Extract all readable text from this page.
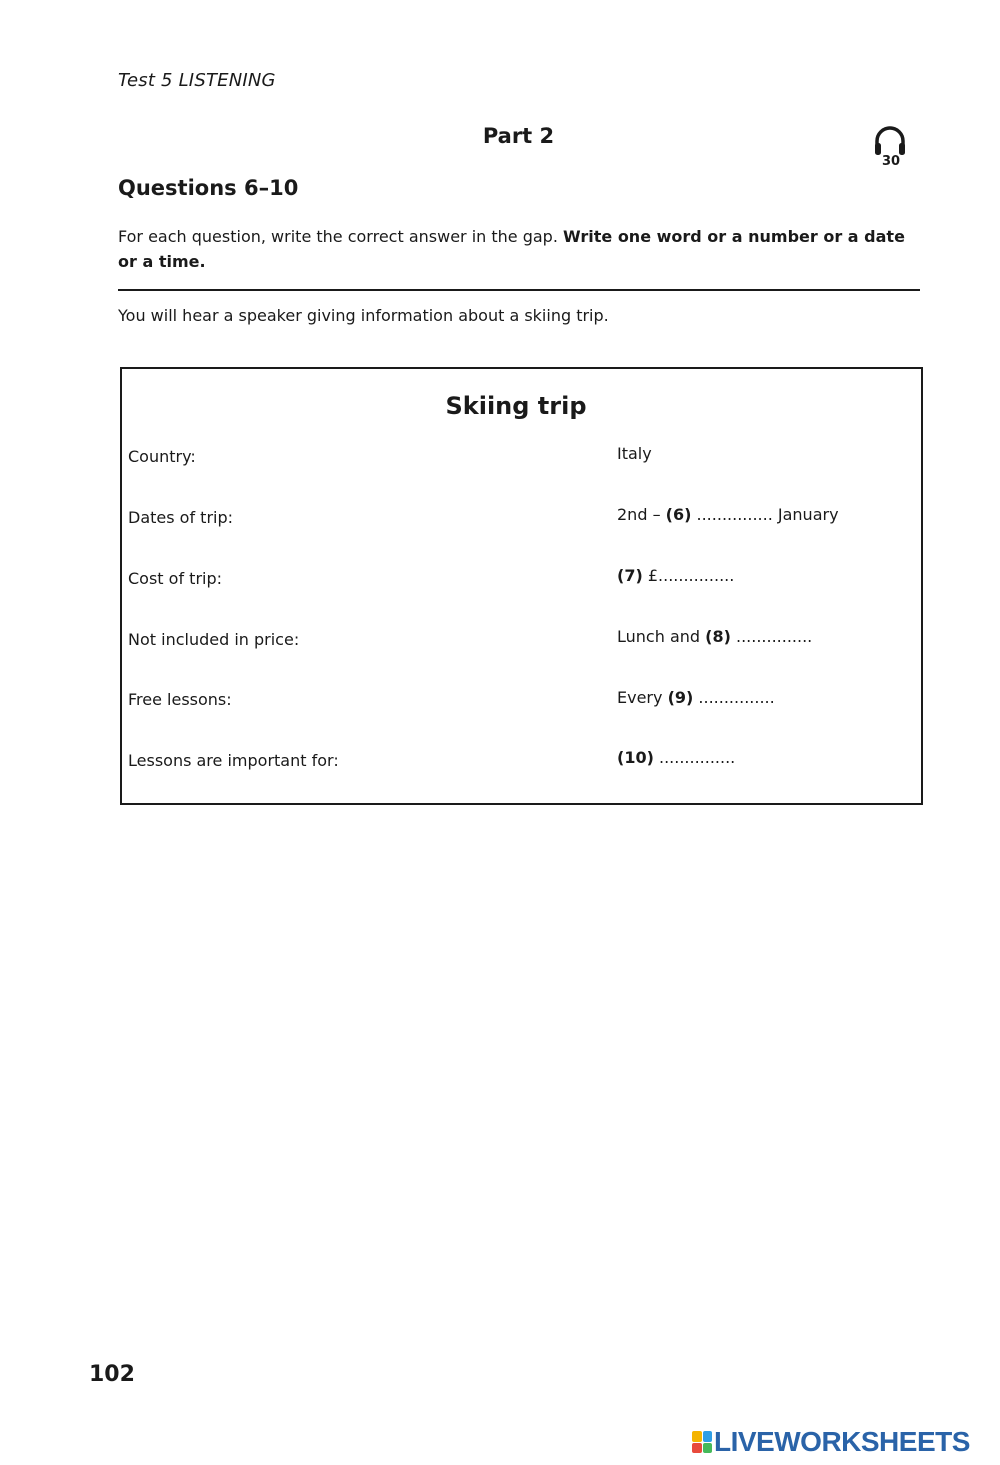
Test 5 LISTENING
Part 2
30
Questions 6–10
For each question, write the correct answer in the gap. Write one word or a number or a date or a time.
You will hear a speaker giving information about a skiing trip.
Skiing trip
Country:	Italy
Dates of trip:	2nd – (6) ............... January
Cost of trip:	(7) £...............
Not included in price:	Lunch and (8) ...............
Free lessons:	Every (9) ...............
Lessons are important for:	(10) ...............
102
LIVEWORKSHEETS
